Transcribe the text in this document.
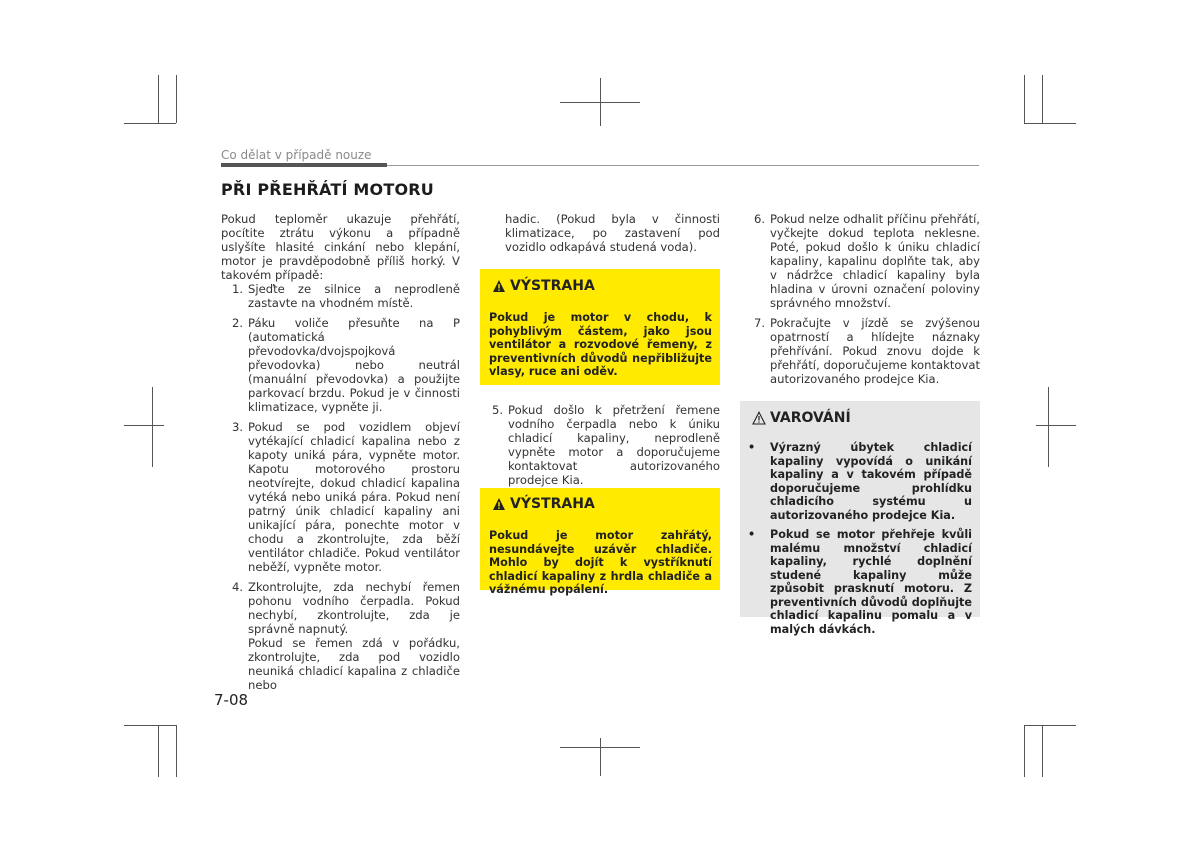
Co dělat v případě nouze
PŘI PŘEHŘÁTÍ MOTORU

Pokud teploměr ukazuje přehřátí, pocítite ztrátu výkonu a případně uslyšíte hlasité cinkání nebo klepání, motor je pravděpodobně příliš horký. V takovém případě:

1. Sjeďte ze silnice a neprodleně zastavte na vhodném místě.
2. Páku voliče přesuňte na P (automatická převodovka/dvojspojková převodovka) nebo neutrál (manuální převodovka) a použijte parkovací brzdu. Pokud je v činnosti klimatizace, vypněte ji.
3. Pokud se pod vozidlem objeví vytékající chladicí kapalina nebo z kapoty uniká pára, vypněte motor. Kapotu motorového prostoru neotvírejte, dokud chladicí kapalina vytéká nebo uniká pára. Pokud není patrný únik chladicí kapaliny ani unikající pára, ponechte motor v chodu a zkontrolujte, zda běží ventilátor chladiče. Pokud ventilátor neběží, vypněte motor.
4. Zkontrolujte, zda nechybí řemen pohonu vodního čerpadla. Pokud nechybí, zkontrolujte, zda je správně napnutý.
Pokud se řemen zdá v pořádku, zkontrolujte, zda pod vozidlo neuniká chladicí kapalina z chladiče nebo

hadic. (Pokud byla v činnosti klimatizace, po zastavení pod vozidlo odkapává studená voda).

VÝSTRAHA
Pokud je motor v chodu, k pohyblivým částem, jako jsou ventilátor a rozvodové řemeny, z preventivních důvodů nepřibližujte vlasy, ruce ani oděv.
5. Pokud došlo k přetržení řemene vodního čerpadla nebo k úniku chladicí kapaliny, neprodleně vypněte motor a doporučujeme kontaktovat autorizovaného prodejce Kia.
VÝSTRAHA
Pokud je motor zahřátý, nesundávejte uzávěr chladiče. Mohlo by dojít k vystříknutí chladicí kapaliny z hrdla chladiče a vážnému popálení.
6. Pokud nelze odhalit příčinu přehřátí, vyčkejte dokud teplota neklesne. Poté, pokud došlo k úniku chladicí kapaliny, kapalinu doplňte tak, aby v nádržce chladicí kapaliny byla hladina v úrovni označení poloviny správného množství.
7. Pokračujte v jízdě se zvýšenou opatrností a hlídejte náznaky přehřívání. Pokud znovu dojde k přehřátí, doporučujeme kontaktovat autorizovaného prodejce Kia.
VAROVÁNÍ
•	Výrazný úbytek chladicí kapaliny vypovídá o unikání kapaliny a v takovém případě doporučujeme prohlídku chladicího systému u autorizovaného prodejce Kia.
•	Pokud se motor přehřeje kvůli malému množství chladicí kapaliny, rychlé doplnění studené kapaliny může způsobit prasknutí motoru. Z preventivních důvodů doplňujte chladicí kapalinu pomalu a v malých dávkách.
7-08
